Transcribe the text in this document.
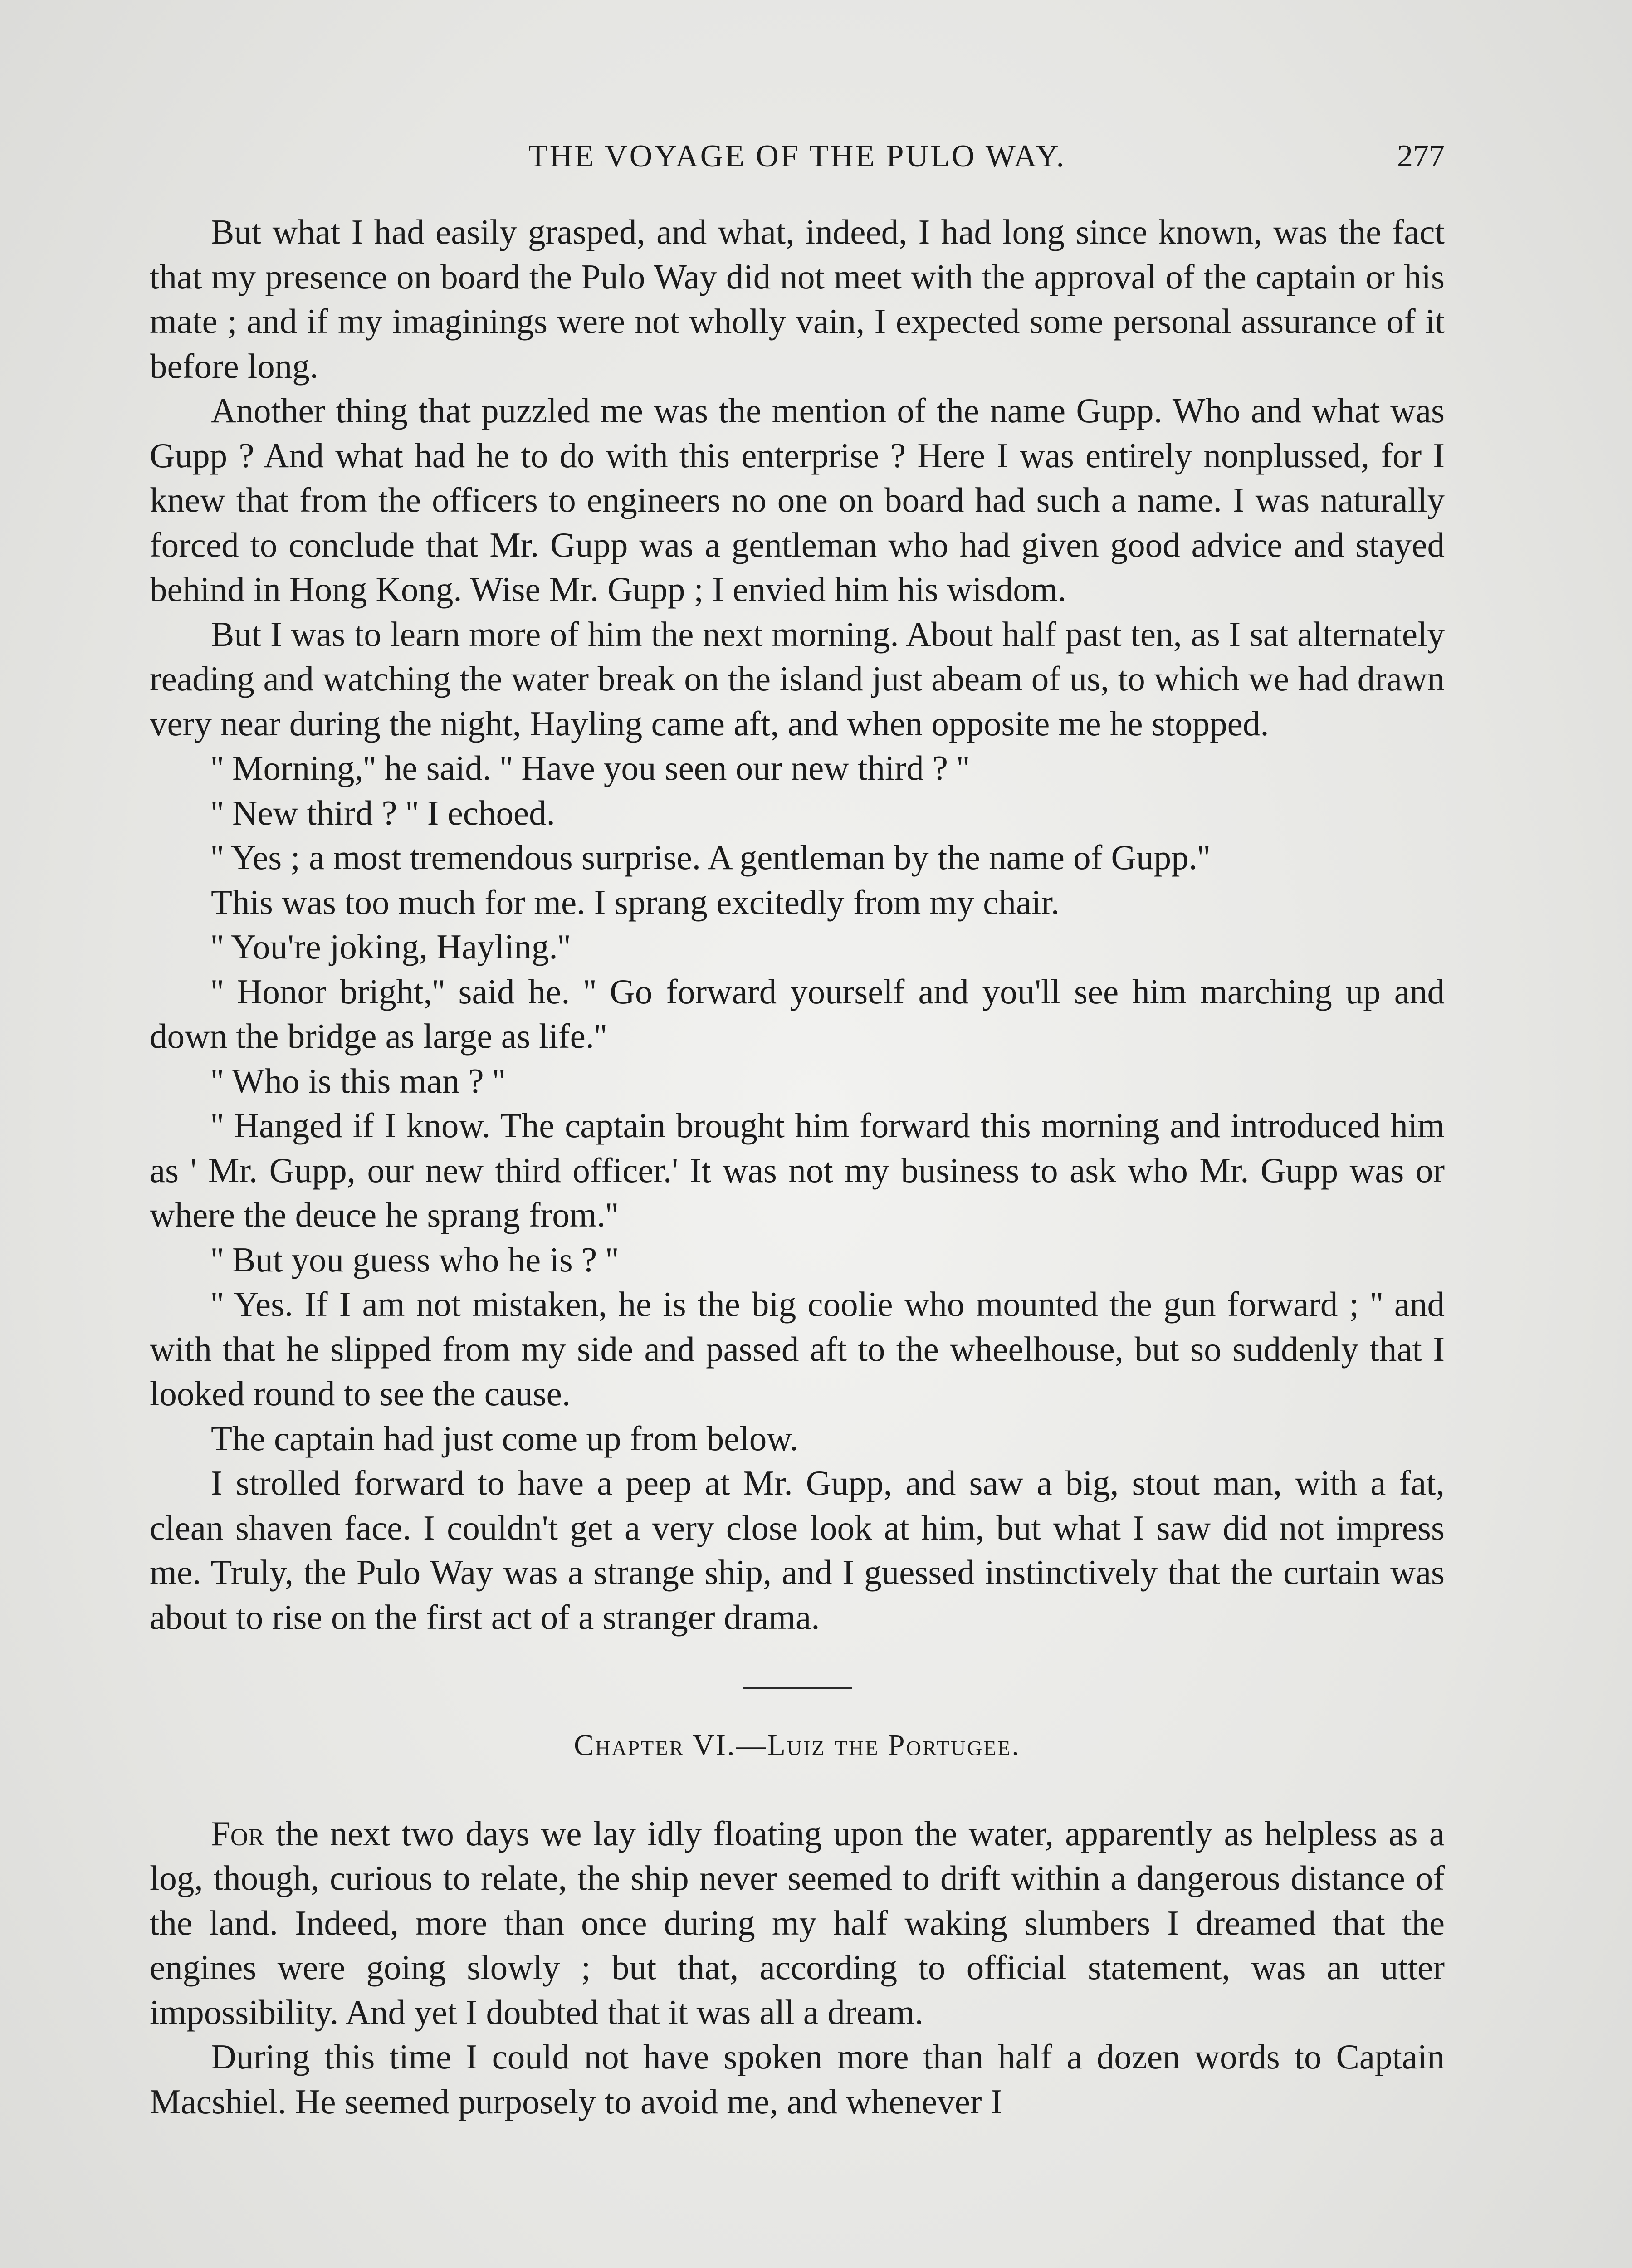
THE VOYAGE OF THE PULO WAY.	277

But what I had easily grasped, and what, indeed, I had long since known, was the fact that my presence on board the Pulo Way did not meet with the approval of the captain or his mate ; and if my imaginings were not wholly vain, I expected some personal assurance of it before long.

Another thing that puzzled me was the mention of the name Gupp. Who and what was Gupp ? And what had he to do with this enterprise ? Here I was entirely nonplussed, for I knew that from the officers to engineers no one on board had such a name. I was naturally forced to conclude that Mr. Gupp was a gentleman who had given good advice and stayed behind in Hong Kong. Wise Mr. Gupp ; I envied him his wisdom.

But I was to learn more of him the next morning. About half past ten, as I sat alternately reading and watching the water break on the island just abeam of us, to which we had drawn very near during the night, Hayling came aft, and when opposite me he stopped.

'' Morning,'' he said. '' Have you seen our new third ? ''

'' New third ? '' I echoed.

'' Yes ; a most tremendous surprise. A gentleman by the name of Gupp.''

This was too much for me. I sprang excitedly from my chair.

'' You're joking, Hayling.''

'' Honor bright,'' said he. '' Go forward yourself and you'll see him marching up and down the bridge as large as life.''

'' Who is this man ? ''

'' Hanged if I know. The captain brought him forward this morning and introduced him as ' Mr. Gupp, our new third officer.' It was not my business to ask who Mr. Gupp was or where the deuce he sprang from.''

'' But you guess who he is ? ''

'' Yes. If I am not mistaken, he is the big coolie who mounted the gun forward ; '' and with that he slipped from my side and passed aft to the wheelhouse, but so suddenly that I looked round to see the cause.

The captain had just come up from below.

I strolled forward to have a peep at Mr. Gupp, and saw a big, stout man, with a fat, clean shaven face. I couldn't get a very close look at him, but what I saw did not impress me. Truly, the Pulo Way was a strange ship, and I guessed instinctively that the curtain was about to rise on the first act of a stranger drama.

Chapter VI.—Luiz the Portugee.

For the next two days we lay idly floating upon the water, apparently as helpless as a log, though, curious to relate, the ship never seemed to drift within a dangerous distance of the land. Indeed, more than once during my half waking slumbers I dreamed that the engines were going slowly ; but that, according to official statement, was an utter impossibility. And yet I doubted that it was all a dream.

During this time I could not have spoken more than half a dozen words to Captain Macshiel. He seemed purposely to avoid me, and whenever I
